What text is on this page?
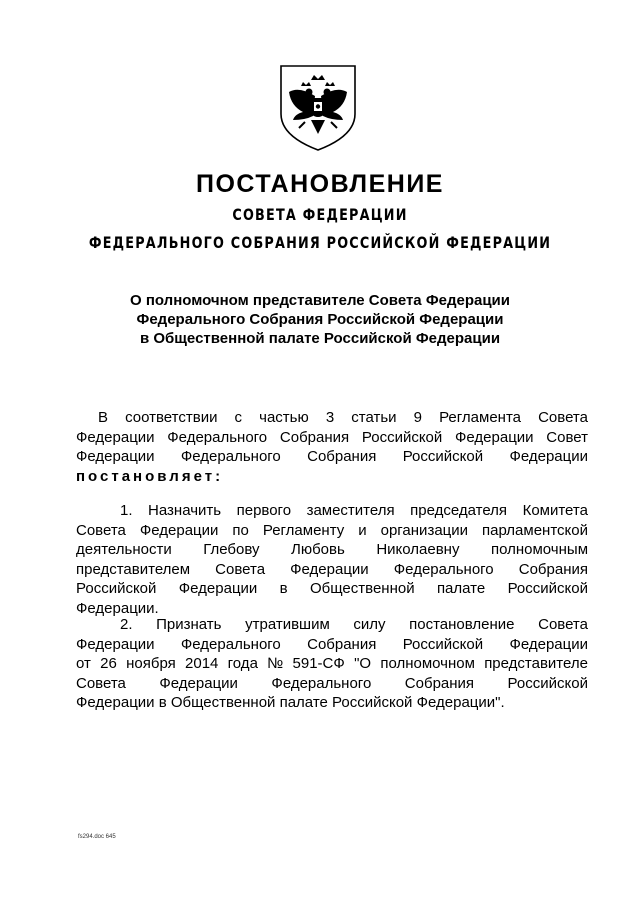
ПОСТАНОВЛЕНИЕ
СОВЕТА ФЕДЕРАЦИИ
ФЕДЕРАЛЬНОГО СОБРАНИЯ РОССИЙСКОЙ ФЕДЕРАЦИИ
О полномочном представителе Совета Федерации
Федерального Собрания Российской Федерации
в Общественной палате Российской Федерации
В соответствии с частью 3 статьи 9 Регламента Совета
Федерации Федерального Собрания Российской Федерации Совет
Федерации Федерального Собрания Российской Федерации
постановляет:
1. Назначить первого заместителя председателя Комитета
Совета Федерации по Регламенту и организации парламентской
деятельности Глебову Любовь Николаевну полномочным
представителем Совета Федерации Федерального Собрания
Российской Федерации в Общественной палате Российской
Федерации.
2. Признать утратившим силу постановление Совета
Федерации Федерального Собрания Российской Федерации
от 26 ноября 2014 года № 591-СФ "О полномочном представителе
Совета Федерации Федерального Собрания Российской
Федерации в Общественной палате Российской Федерации".
fs294.doc 645
